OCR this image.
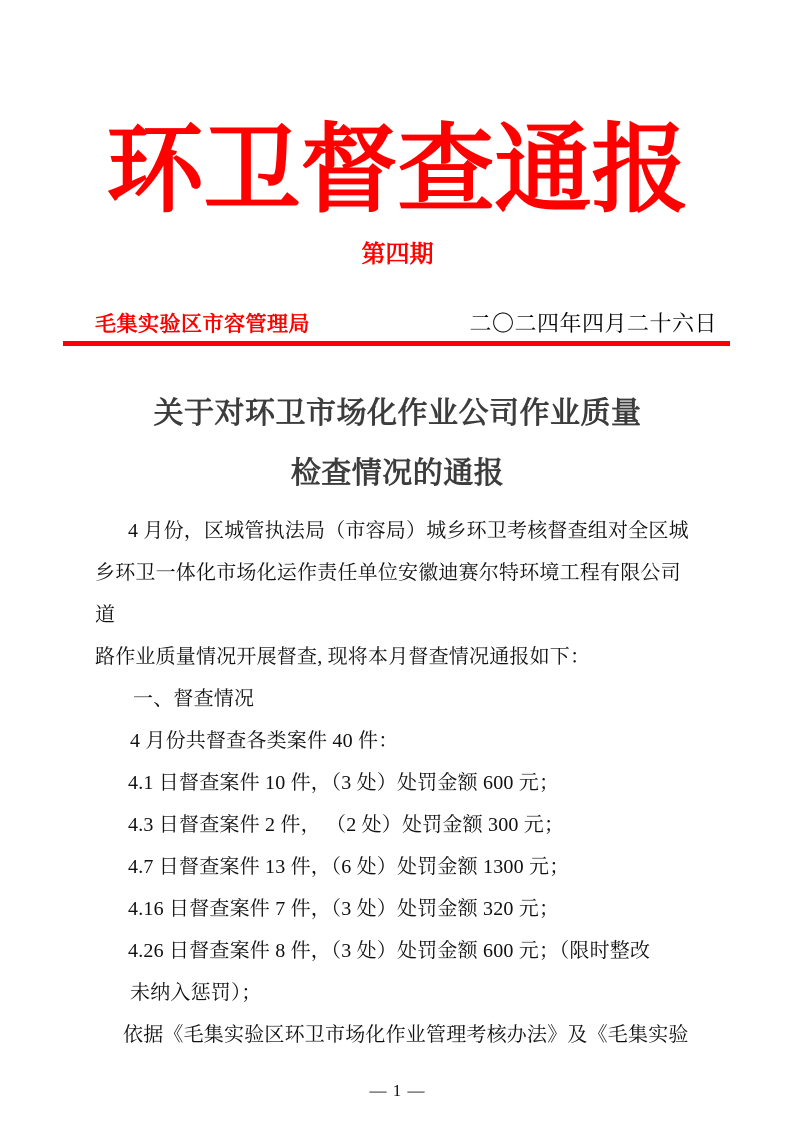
环卫督查通报
第四期
毛集实验区市容管理局	二〇二四年四月二十六日
关于对环卫市场化作业公司作业质量
检查情况的通报
4 月份，区城管执法局（市容局）城乡环卫考核督查组对全区城
乡环卫一体化市场化运作责任单位安徽迪赛尔特环境工程有限公司道
路作业质量情况开展督查, 现将本月督查情况通报如下：
一、督查情况
4 月份共督查各类案件 40 件：
4.1 日督查案件 10 件，（3 处）处罚金额 600 元；
4.3 日督查案件 2 件， （2 处）处罚金额 300 元；
4.7 日督查案件 13 件，（6 处）处罚金额 1300 元；
4.16 日督查案件 7 件，（3 处）处罚金额 320 元；
4.26 日督查案件 8 件，（3 处）处罚金额 600 元；（限时整改
未纳入惩罚）；
依据《毛集实验区环卫市场化作业管理考核办法》及《毛集实验
— 1 —
